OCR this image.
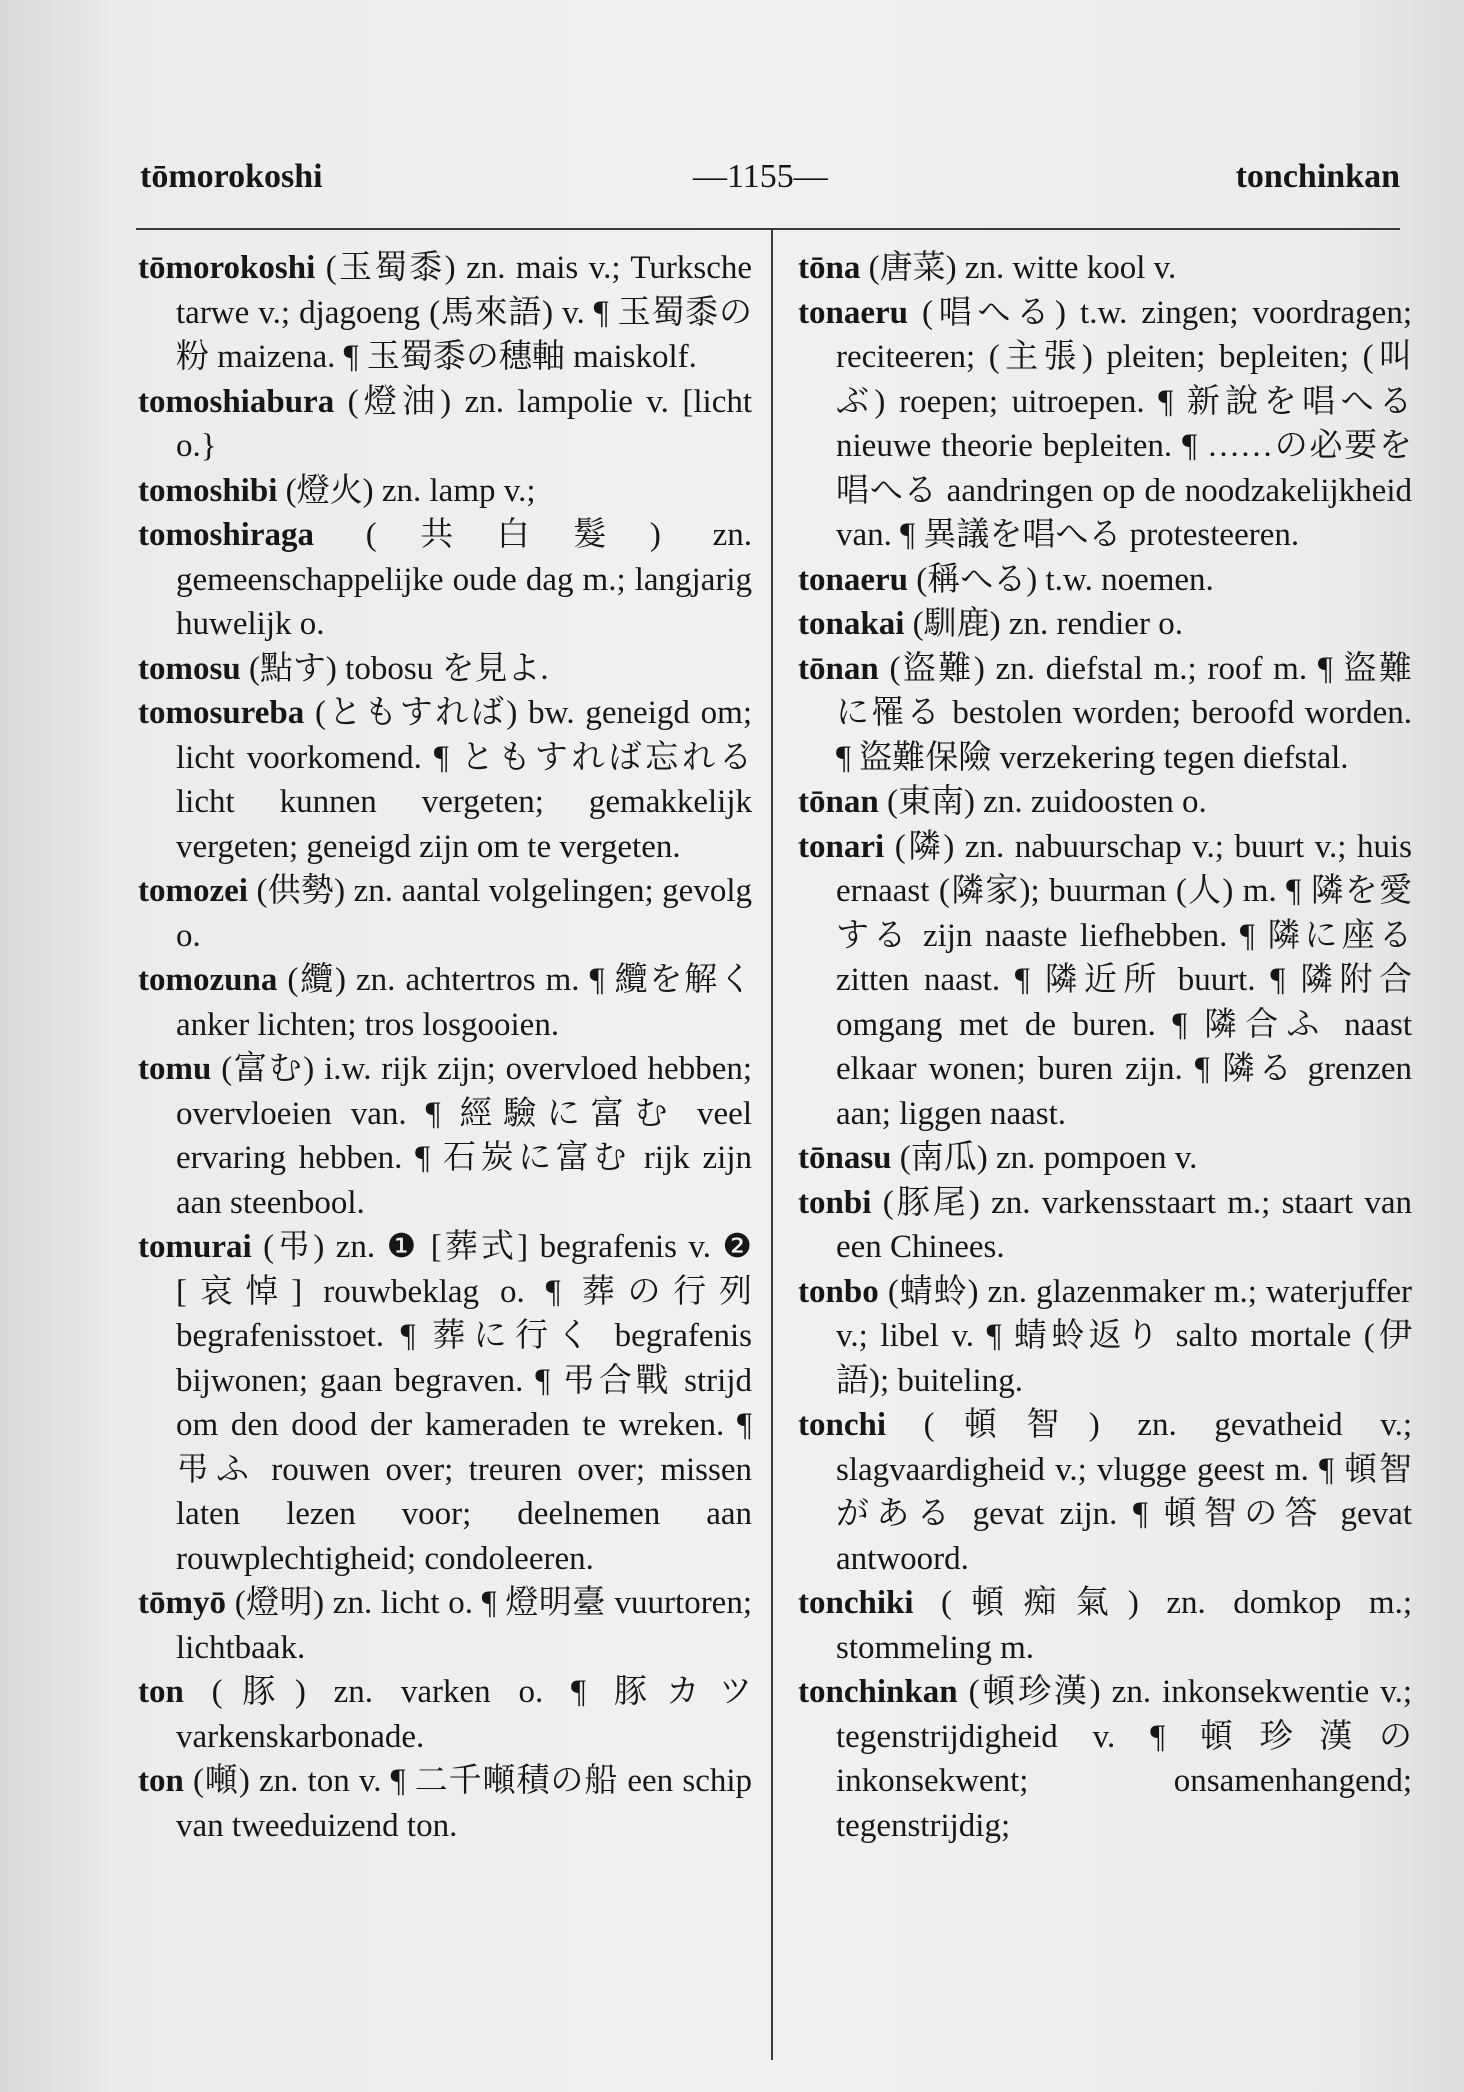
tōmorokoshi	—1155—	tonchinkan

tōmorokoshi (玉蜀黍) zn. mais v.; Turksche tarwe v.; djagoeng (馬來語) v. ¶ 玉蜀黍の粉 maizena. ¶ 玉蜀黍の穗軸 maiskolf.

tomoshiabura (燈油) zn. lampolie v. [licht o.}

tomoshibi (燈火) zn. lamp v.;

tomoshiraga (共白髮) zn. gemeenschappelijke oude dag m.; langjarig huwelijk o.

tomosu (點す) tobosu を見よ.

tomosureba (ともすれば) bw. geneigd om; licht voorkomend. ¶ ともすれば忘れる licht kunnen vergeten; gemakkelijk vergeten; geneigd zijn om te vergeten.

tomozei (供勢) zn. aantal volgelingen; gevolg o.

tomozuna (纜) zn. achtertros m. ¶ 纜を解く anker lichten; tros losgooien.

tomu (富む) i.w. rijk zijn; overvloed hebben; overvloeien van. ¶ 經驗に富む veel ervaring hebben. ¶ 石炭に富む rijk zijn aan steenbool.

tomurai (弔) zn. ❶ [葬式] begrafenis v. ❷ [哀悼] rouwbeklag o. ¶ 葬の行列 begrafenisstoet. ¶ 葬に行く begrafenis bijwonen; gaan begraven. ¶ 弔合戰 strijd om den dood der kameraden te wreken. ¶ 弔ふ rouwen over; treuren over; missen laten lezen voor; deelnemen aan rouwplechtigheid; condoleeren.

tōmyō (燈明) zn. licht o. ¶ 燈明臺 vuurtoren; lichtbaak.

ton (豚) zn. varken o. ¶ 豚カツ varkenskarbonade.

ton (噸) zn. ton v. ¶ 二千噸積の船 een schip van tweeduizend ton.

tōna (唐菜) zn. witte kool v.

tonaeru (唱へる) t.w. zingen; voordragen; reciteeren; (主張) pleiten; bepleiten; (叫ぶ) roepen; uitroepen. ¶ 新說を唱へる nieuwe theorie bepleiten. ¶ ……の必要を唱へる aandringen op de noodzakelijkheid van. ¶ 異議を唱へる protesteeren.

tonaeru (稱へる) t.w. noemen.

tonakai (馴鹿) zn. rendier o.

tōnan (盜難) zn. diefstal m.; roof m. ¶ 盜難に罹る bestolen worden; beroofd worden. ¶ 盜難保險 verzekering tegen diefstal.

tōnan (東南) zn. zuidoosten o.

tonari (隣) zn. nabuurschap v.; buurt v.; huis ernaast (隣家); buurman (人) m. ¶ 隣を愛する zijn naaste liefhebben. ¶ 隣に座る zitten naast. ¶ 隣近所 buurt. ¶ 隣附合 omgang met de buren. ¶ 隣合ふ naast elkaar wonen; buren zijn. ¶ 隣る grenzen aan; liggen naast.

tōnasu (南瓜) zn. pompoen v.

tonbi (豚尾) zn. varkensstaart m.; staart van een Chinees.

tonbo (蜻蛉) zn. glazenmaker m.; waterjuffer v.; libel v. ¶ 蜻蛉返り salto mortale (伊語); buiteling.

tonchi (頓智) zn. gevatheid v.; slagvaardigheid v.; vlugge geest m. ¶ 頓智がある gevat zijn. ¶ 頓智の答 gevat antwoord.

tonchiki (頓痴氣) zn. domkop m.; stommeling m.

tonchinkan (頓珍漢) zn. inkonsekwentie v.; tegenstrijdigheid v. ¶ 頓珍漢の inkonsekwent; onsamenhangend; tegenstrijdig;
